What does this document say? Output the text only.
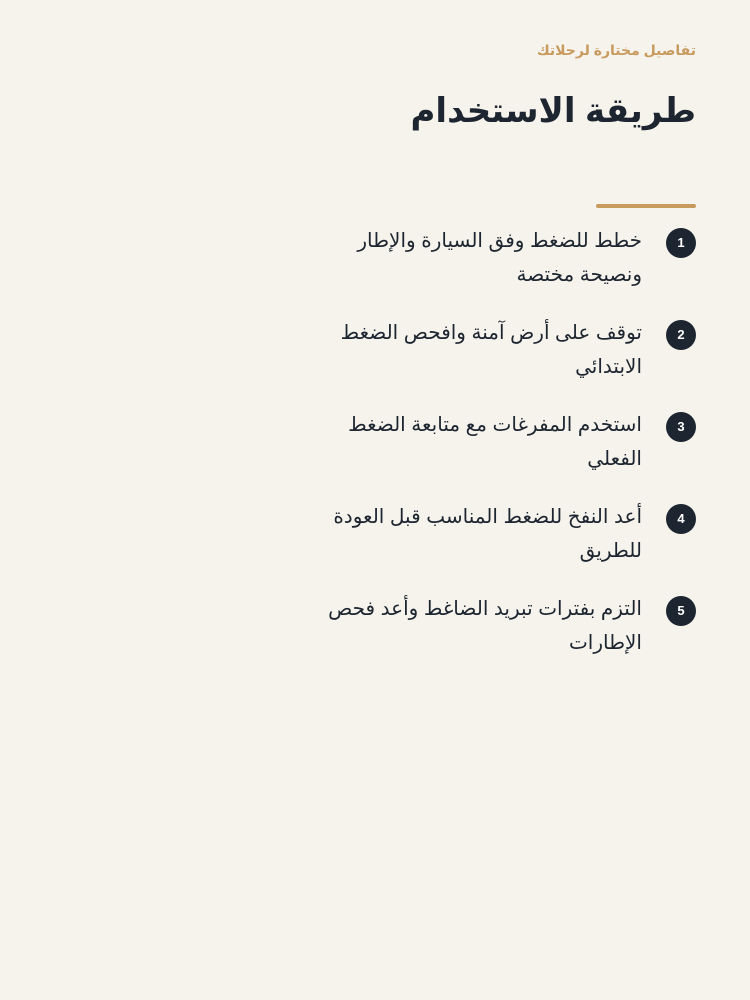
تفاصيل مختارة لرحلاتك
طريقة الاستخدام
1
خطط للضغط وفق السيارة والإطار ونصيحة مختصة
2
توقف على أرض آمنة وافحص الضغط الابتدائي
3
استخدم المفرغات مع متابعة الضغط الفعلي
4
أعد النفخ للضغط المناسب قبل العودة للطريق
5
التزم بفترات تبريد الضاغط وأعد فحص الإطارات
